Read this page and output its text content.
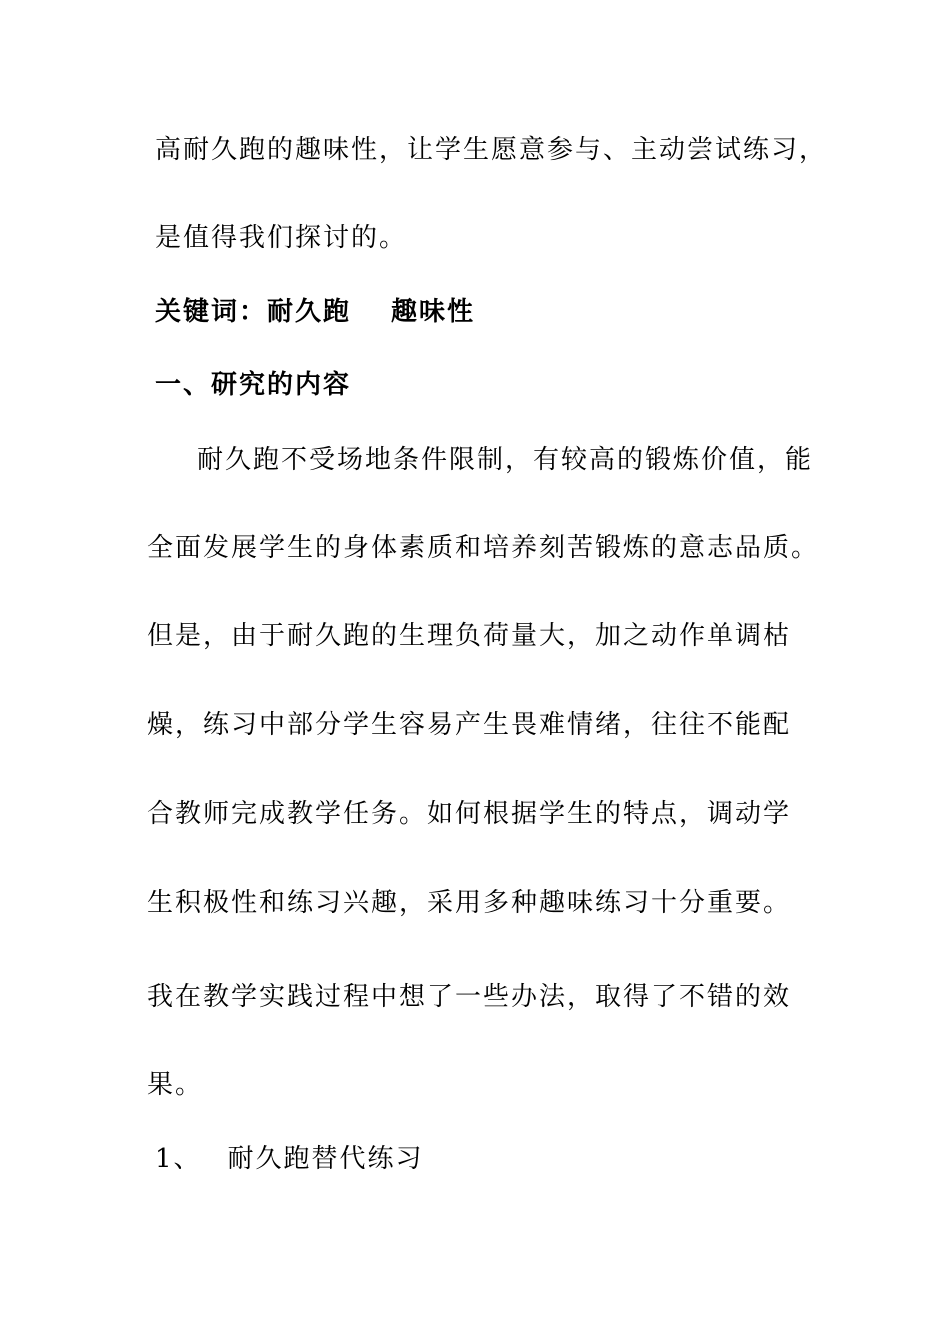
高耐久跑的趣味性，让学生愿意参与、主动尝试练习，
是值得我们探讨的。
关键词：耐久跑 趣味性
一、研究的内容
耐久跑不受场地条件限制，有较高的锻炼价值，能
全面发展学生的身体素质和培养刻苦锻炼的意志品质。
但是，由于耐久跑的生理负荷量大，加之动作单调枯
燥，练习中部分学生容易产生畏难情绪，往往不能配
合教师完成教学任务。如何根据学生的特点，调动学
生积极性和练习兴趣，采用多种趣味练习十分重要。
我在教学实践过程中想了一些办法，取得了不错的效
果。
1、 耐久跑替代练习
